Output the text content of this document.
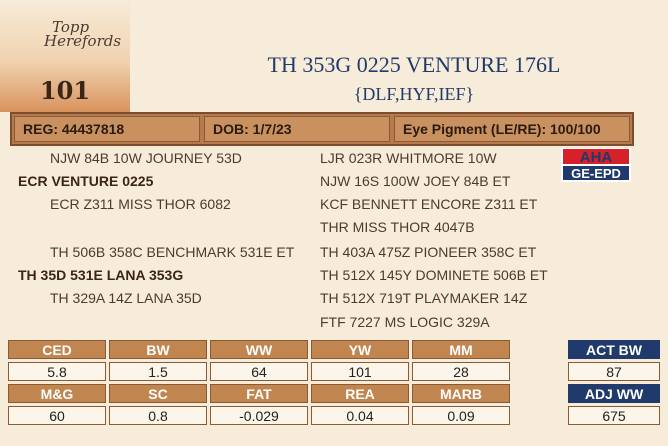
Topp
Herefords
101
TH 353G 0225 VENTURE 176L
{DLF,HYF,IEF}
REG: 44437818	DOB: 1/7/23	Eye Pigment (LE/RE): 100/100
NJW 84B 10W JOURNEY 53D
ECR VENTURE 0225
ECR Z311 MISS THOR 6082
TH 506B 358C BENCHMARK 531E ET
TH 35D 531E LANA 353G
TH 329A 14Z LANA 35D
LJR 023R WHITMORE 10W
NJW 16S 100W JOEY 84B ET
KCF BENNETT ENCORE Z311 ET
THR MISS THOR 4047B
TH 403A 475Z PIONEER 358C ET
TH 512X 145Y DOMINETE 506B ET
TH 512X 719T PLAYMAKER 14Z
FTF 7227 MS LOGIC 329A
AHA
GE-EPD
CED	BW	WW	YW	MM
5.8	1.5	64	101	28
M&G	SC	FAT	REA	MARB
60	0.8	-0.029	0.04	0.09
ACT BW
87
ADJ WW
675
